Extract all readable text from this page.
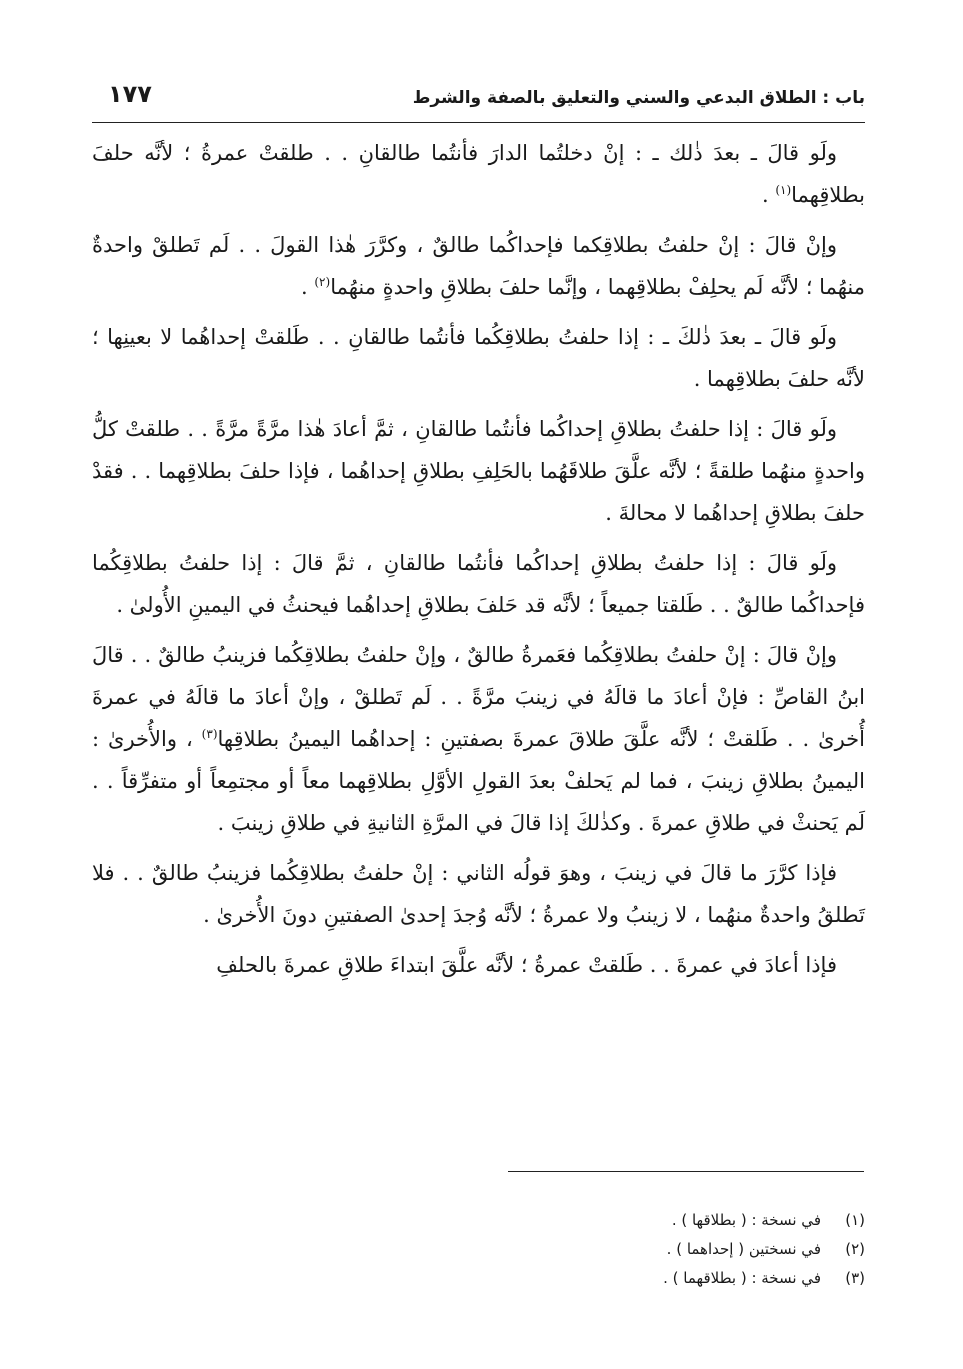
باب : الطلاق البدعي والسني والتعليق بالصفة والشرط
١٧٧

ولَو قالَ ـ بعدَ ذٰلك ـ : إنْ دخلتُما الدارَ فأنتُما طالقانِ . . طلقتْ عمرةُ ؛ لأنَّه حلفَ بطلاقِهما$^{(١)}$ .

وإنْ قالَ : إنْ حلفتُ بطلاقِكما فإحداكُما طالقٌ ، وكرَّرَ هٰذا القولَ . . لَم تَطلقْ واحدةٌ منهُما ؛ لأنَّه لَم يحلِفْ بطلاقِهما ، وإنَّما حلفَ بطلاقِ واحدةٍ منهُما$^{(٢)}$ .

ولَو قالَ ـ بعدَ ذٰلكَ ـ : إذا حلفتُ بطلاقِكُما فأنتُما طالقانِ . . طَلقتْ إحداهُما لا بعينِها ؛ لأنَّه حلفَ بطلاقِهما .

ولَو قالَ : إذا حلفتُ بطلاقِ إحداكُما فأنتُما طالقانِ ، ثمَّ أعادَ هٰذا مرَّةً مرَّةً . . طلقتْ كلُّ واحدةٍ منهُما طلقةً ؛ لأنَّه علَّقَ طلاقَهُما بالحَلِفِ بطلاقِ إحداهُما ، فإذا حلفَ بطلاقِهما . . فقدْ حلفَ بطلاقِ إحداهُما لا محالةَ .

ولَو قالَ : إذا حلفتُ بطلاقِ إحداكُما فأنتُما طالقانِ ، ثمَّ قالَ : إذا حلفتُ بطلاقِكُما فإحداكُما طالقٌ . . طَلقتا جميعاً ؛ لأنَّه قد حَلفَ بطلاقِ إحداهُما فيحنثُ في اليمينِ الأُولىٰ .

وإنْ قالَ : إنْ حلفتُ بطلاقِكُما فعَمرةُ طالقٌ ، وإنْ حلفتُ بطلاقِكُما فزينبُ طالقٌ . . قالَ ابنُ القاصِّ : فإنْ أعادَ ما قالَهُ في زينبَ مرَّةً . . لَم تَطلقْ ، وإنْ أعادَ ما قالَهُ في عمرةَ أُخرىٰ . . طَلقتْ ؛ لأنَّه علَّقَ طلاقَ عمرةَ بصفتينِ : إحداهُما اليمينُ بطلاقِها$^{(٣)}$ ، والأُخرىٰ : اليمينُ بطلاقِ زينبَ ، فما لم يَحلفْ بعدَ القولِ الأوَّلِ بطلاقِهما معاً أو مجتمِعاً أو متفرِّقاً . . لَم يَحنثْ في طلاقِ عمرةَ . وكذٰلكَ إذا قالَ في المرَّةِ الثانيةِ في طلاقِ زينبَ .

فإذا كرَّرَ ما قالَ في زينبَ ، وهوَ قولُه الثاني : إنْ حلفتُ بطلاقِكُما فزينبُ طالقٌ . . فلا تَطلقُ واحدةٌ منهُما ، لا زينبُ ولا عمرةُ ؛ لأنَّه وُجدَ إحدىٰ الصفتينِ دونَ الأُخرىٰ .

فإذا أعادَ في عمرةَ . . طَلقتْ عمرةُ ؛ لأنَّه علَّقَ ابتداءَ طلاقِ عمرةَ بالحلفِ

(١)في نسخة : ( بطلاقها ) .
(٢)في نسختين ( إحداهما ) .
(٣)في نسخة : ( بطلاقهما ) .
